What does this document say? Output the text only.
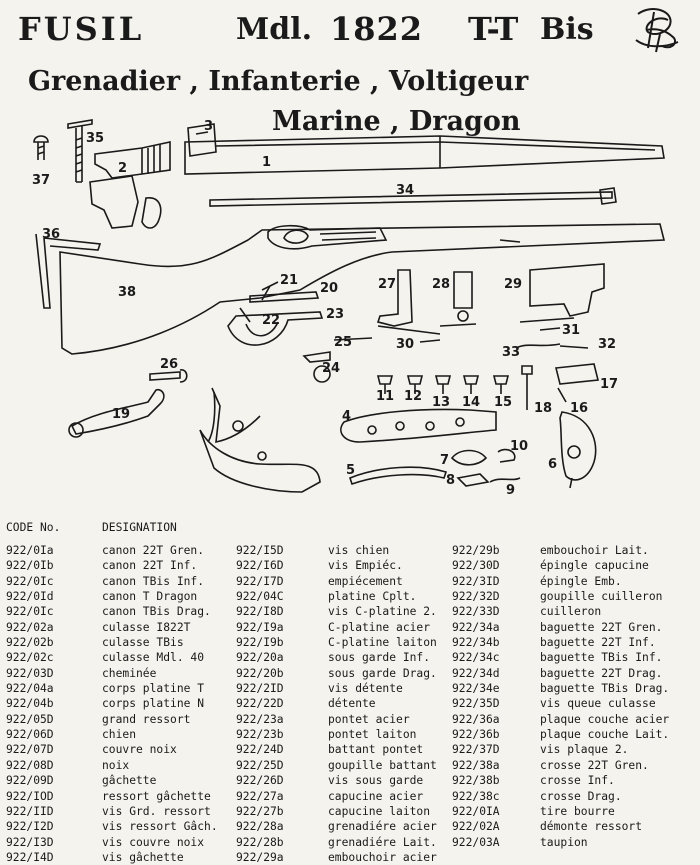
FUSIL	Mdl. 1822 T-T Bis
Grenadier , Infanterie , Voltigeur
Marine , Dragon
1
2
3
4
5	6
7
8
9
10
11 12 13 14 15	16
17
18
19
20
21
22	23
24
25
26
27	28	29
30
31
32
33
34
35
36
37
38
CODE No.	DESIGNATION
922/0Ia	canon 22T Gren.
922/0Ib	canon 22T Inf.
922/0Ic	canon TBis Inf.
922/0Id	canon T Dragon
922/0Ic	canon TBis Drag.
922/02a	culasse I822T
922/02b	culasse TBis
922/02c	culasse Mdl. 40
922/03D	cheminée
922/04a	corps platine T
922/04b	corps platine N
922/05D	grand ressort
922/06D	chien
922/07D	couvre noix
922/08D	noix
922/09D	gâchette
922/IOD	ressort gâchette
922/IID	vis Grd. ressort
922/I2D	vis ressort Gâch.
922/I3D	vis couvre noix
922/I4D	vis gâchette
922/I5D	vis chien
922/I6D	vis Empiéc.
922/I7D	empiécement
922/04C	platine Cplt.
922/I8D	vis C-platine 2.
922/I9a	C-platine acier
922/I9b	C-platine laiton
922/20a	sous garde Inf.
922/20b	sous garde Drag.
922/2ID	vis détente
922/22D	détente
922/23a	pontet acier
922/23b	pontet laiton
922/24D	battant pontet
922/25D	goupille battant
922/26D	vis sous garde
922/27a	capucine acier
922/27b	capucine laiton
922/28a	grenadiére acier
922/28b	grenadiére Lait.
922/29a	embouchoir acier
922/29b	embouchoir Lait.
922/30D	épingle capucine
922/3ID	épingle Emb.
922/32D	goupille cuilleron
922/33D	cuilleron
922/34a	baguette 22T Gren.
922/34b	baguette 22T Inf.
922/34c	baguette TBis Inf.
922/34d	baguette 22T Drag.
922/34e	baguette TBis Drag.
922/35D	vis queue culasse
922/36a	plaque couche acier
922/36b	plaque couche Lait.
922/37D	vis plaque 2.
922/38a	crosse 22T Gren.
922/38b	crosse Inf.
922/38c	crosse Drag.
922/0IA	tire bourre
922/02A	démonte ressort
922/03A	taupion
